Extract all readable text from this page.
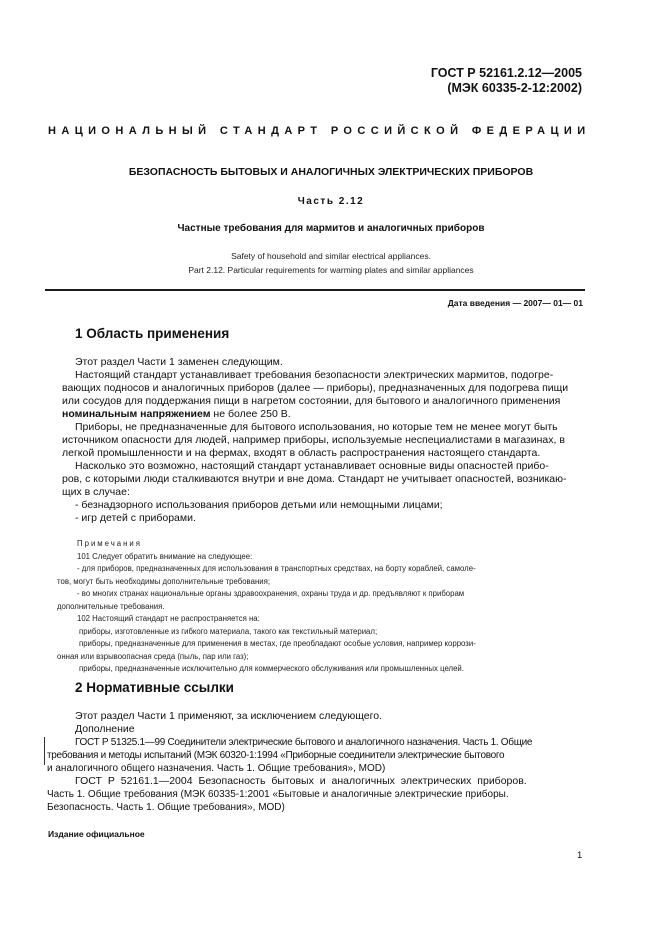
ГОСТ Р 52161.2.12—2005
(МЭК 60335-2-12:2002)
НАЦИОНАЛЬНЫЙ СТАНДАРТ РОССИЙСКОЙ ФЕДЕРАЦИИ
БЕЗОПАСНОСТЬ БЫТОВЫХ И АНАЛОГИЧНЫХ ЭЛЕКТРИЧЕСКИХ ПРИБОРОВ
Часть 2.12
Частные требования для мармитов и аналогичных приборов
Safety of household and similar electrical appliances.
Part 2.12. Particular requirements for warming plates and similar appliances
Дата введения — 2007— 01— 01
1 Область применения

Этот раздел Части 1 заменен следующим.

Настоящий стандарт устанавливает требования безопасности электрических мармитов, подогре-

вающих подносов и аналогичных приборов (далее — приборы), предназначенных для подогрева пищи

или сосудов для поддержания пищи в нагретом состоянии, для бытового и аналогичного применения

номинальным напряжением не более 250 В.

Приборы, не предназначенные для бытового использования, но которые тем не менее могут быть

источником опасности для людей, например приборы, используемые неспециалистами в магазинах, в

легкой промышленности и на фермах, входят в область распространения настоящего стандарта.

Насколько это возможно, настоящий стандарт устанавливает основные виды опасностей прибо-

ров, с которыми люди сталкиваются внутри и вне дома. Стандарт не учитывает опасностей, возникаю-

щих в случае:

- безнадзорного использования приборов детьми или немощными лицами;

- игр детей с приборами.

Примечания

101 Следует обратить внимание на следующее:

- для приборов, предназначенных для использования в транспортных средствах, на борту кораблей, самоле-

тов, могут быть необходимы дополнительные требования;

- во многих странах национальные органы здравоохранения, охраны труда и др. предъявляют к приборам

дополнительные требования.

102 Настоящий стандарт не распространяется на:

приборы, изготовленные из гибкого материала, такого как текстильный материал;

приборы, предназначенные для применения в местах, где преобладают особые условия, например коррози-

онная или взрывоопасная среда (пыль, пар или газ);

приборы, предназначенные исключительно для коммерческого обслуживания или промышленных целей.

2 Нормативные ссылки

Этот раздел Части 1 применяют, за исключением следующего.

Дополнение

ГОСТ Р 51325.1—99 Соединители электрические бытового и аналогичного назначения. Часть 1. Общие

требования и методы испытаний (МЭК 60320-1:1994 «Приборные соединители электрические бытового

и аналогичного общего назначения. Часть 1. Общие требования», MOD)

ГОСТ Р 52161.1—2004 Безопасность бытовых и аналогичных электрических приборов.

Часть 1. Общие требования (МЭК 60335-1:2001 «Бытовые и аналогичные электрические приборы.

Безопасность. Часть 1. Общие требования», MOD)

Издание официальное
1
